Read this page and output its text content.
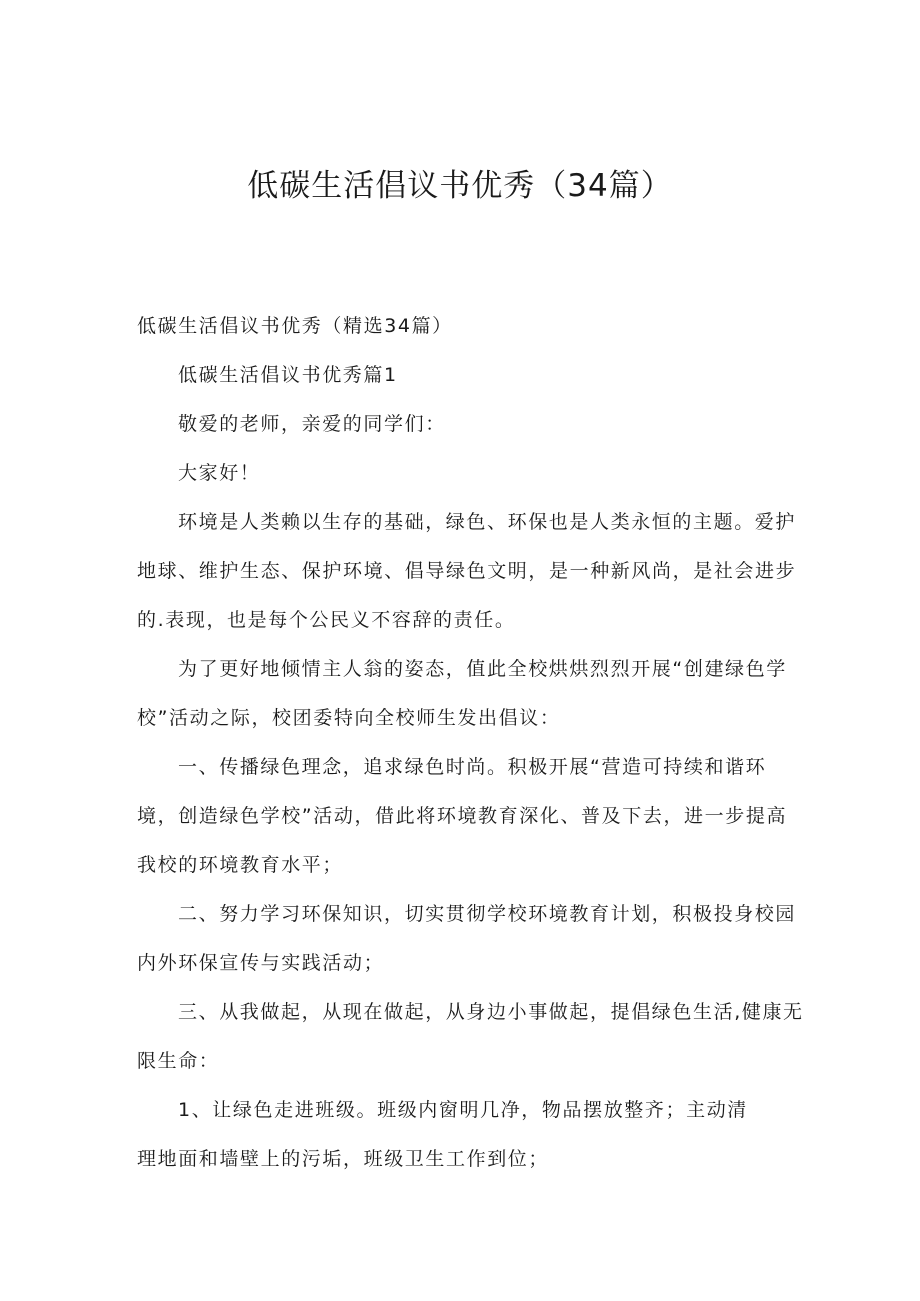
低碳生活倡议书优秀（34篇）

低碳生活倡议书优秀（精选34篇）

低碳生活倡议书优秀篇1

敬爱的老师，亲爱的同学们：

大家好！

环境是人类赖以生存的基础，绿色、环保也是人类永恒的主题。爱护

地球、维护生态、保护环境、倡导绿色文明，是一种新风尚，是社会进步

的.表现，也是每个公民义不容辞的责任。

为了更好地倾情主人翁的姿态，值此全校烘烘烈烈开展“创建绿色学

校”活动之际，校团委特向全校师生发出倡议：

一、传播绿色理念，追求绿色时尚。积极开展“营造可持续和谐环

境，创造绿色学校”活动，借此将环境教育深化、普及下去，进一步提高

我校的环境教育水平；

二、努力学习环保知识，切实贯彻学校环境教育计划，积极投身校园

内外环保宣传与实践活动；

三、从我做起，从现在做起，从身边小事做起，提倡绿色生活,健康无

限生命：

1、让绿色走进班级。班级内窗明几净，物品摆放整齐；主动清

理地面和墙壁上的污垢，班级卫生工作到位；
